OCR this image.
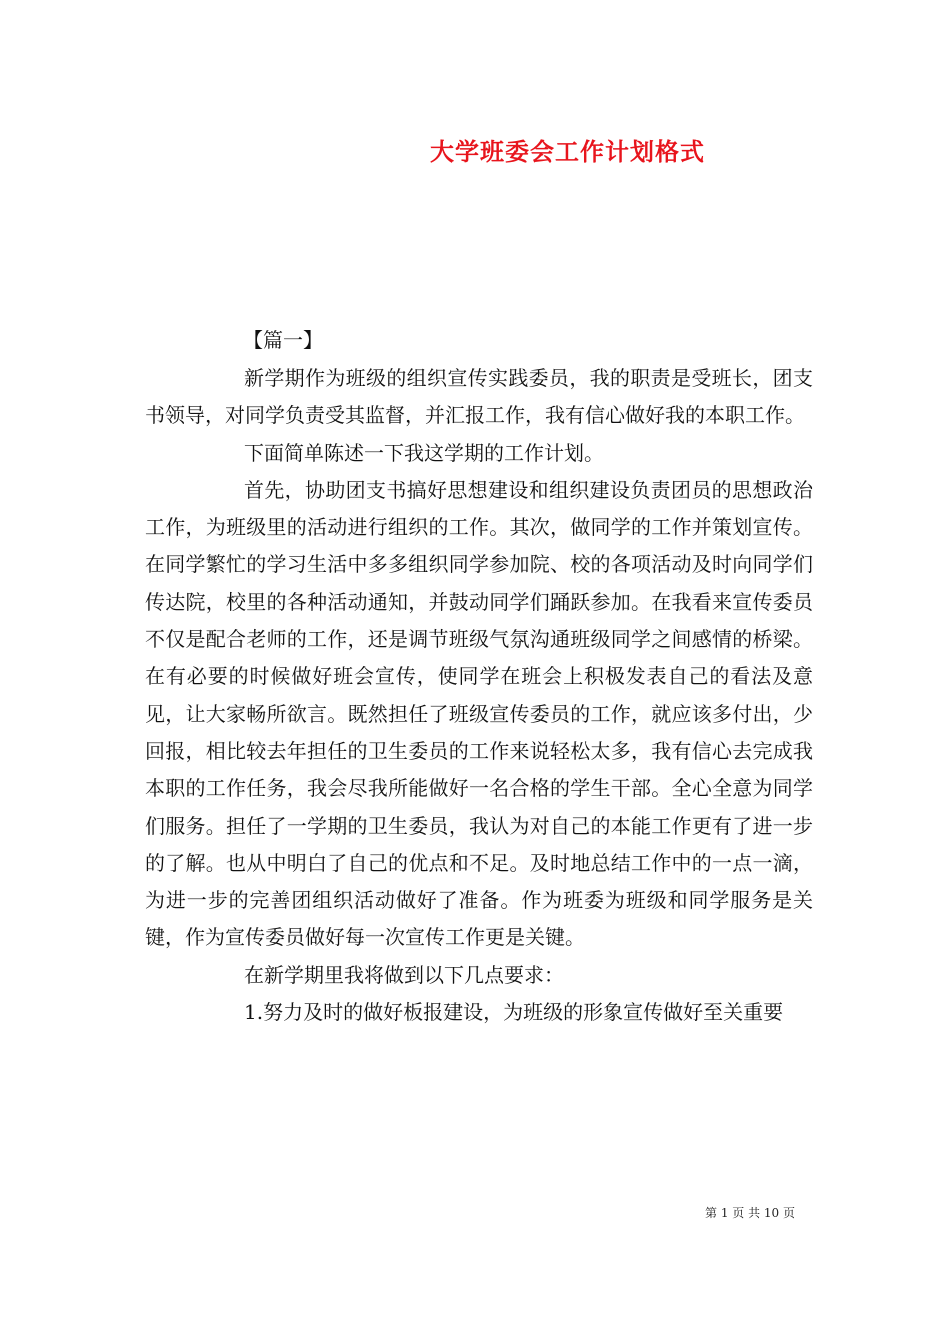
大学班委会工作计划格式
【篇一】

新学期作为班级的组织宣传实践委员，我的职责是受班长，团支书领导，对同学负责受其监督，并汇报工作，我有信心做好我的本职工作。

下面简单陈述一下我这学期的工作计划。

首先，协助团支书搞好思想建设和组织建设负责团员的思想政治工作，为班级里的活动进行组织的工作。其次，做同学的工作并策划宣传。在同学繁忙的学习生活中多多组织同学参加院、校的各项活动及时向同学们传达院，校里的各种活动通知，并鼓动同学们踊跃参加。在我看来宣传委员不仅是配合老师的工作，还是调节班级气氛沟通班级同学之间感情的桥梁。在有必要的时候做好班会宣传，使同学在班会上积极发表自己的看法及意见，让大家畅所欲言。既然担任了班级宣传委员的工作，就应该多付出，少回报，相比较去年担任的卫生委员的工作来说轻松太多，我有信心去完成我本职的工作任务，我会尽我所能做好一名合格的学生干部。全心全意为同学们服务。担任了一学期的卫生委员，我认为对自己的本能工作更有了进一步的了解。也从中明白了自己的优点和不足。及时地总结工作中的一点一滴，为进一步的完善团组织活动做好了准备。作为班委为班级和同学服务是关键，作为宣传委员做好每一次宣传工作更是关键。

在新学期里我将做到以下几点要求：

1.努力及时的做好板报建设，为班级的形象宣传做好至关重要

第 1 页 共 10 页
